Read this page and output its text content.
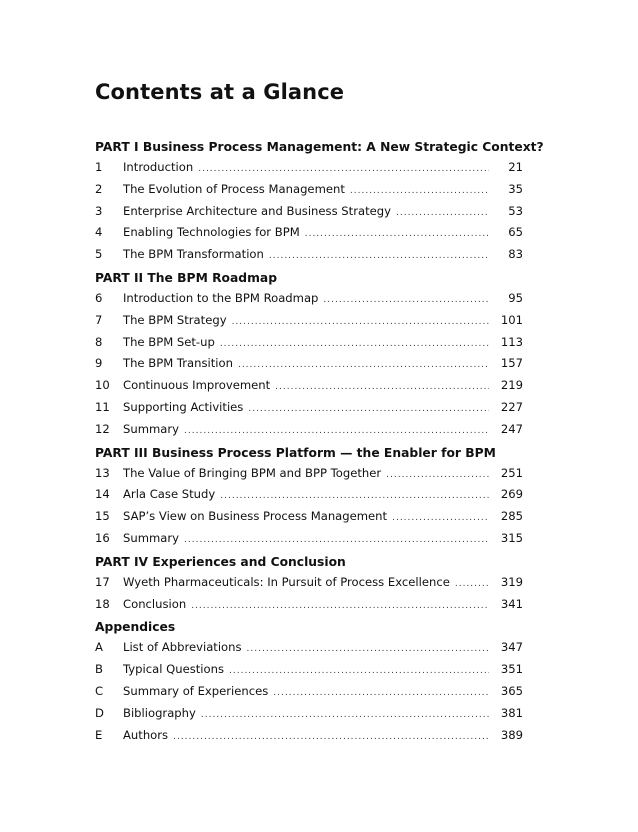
Contents at a Glance
PART I Business Process Management: A New Strategic Context?
1	Introduction .....	21
2	The Evolution of Process Management .....	35
3	Enterprise Architecture and Business Strategy .....	53
4	Enabling Technologies for BPM .....	65
5	The BPM Transformation .....	83
PART II The BPM Roadmap
6	Introduction to the BPM Roadmap .....	95
7	The BPM Strategy .....	101
8	The BPM Set-up .....	113
9	The BPM Transition .....	157
10	Continuous Improvement .....	219
11	Supporting Activities .....	227
12	Summary .....	247
PART III Business Process Platform — the Enabler for BPM
13	The Value of Bringing BPM and BPP Together .....	251
14	Arla Case Study .....	269
15	SAP’s View on Business Process Management .....	285
16	Summary .....	315
PART IV Experiences and Conclusion
17	Wyeth Pharmaceuticals: In Pursuit of Process Excellence .....	319
18	Conclusion .....	341
Appendices
A	List of Abbreviations .....	347
B	Typical Questions .....	351
C	Summary of Experiences .....	365
D	Bibliography .....	381
E	Authors .....	389
